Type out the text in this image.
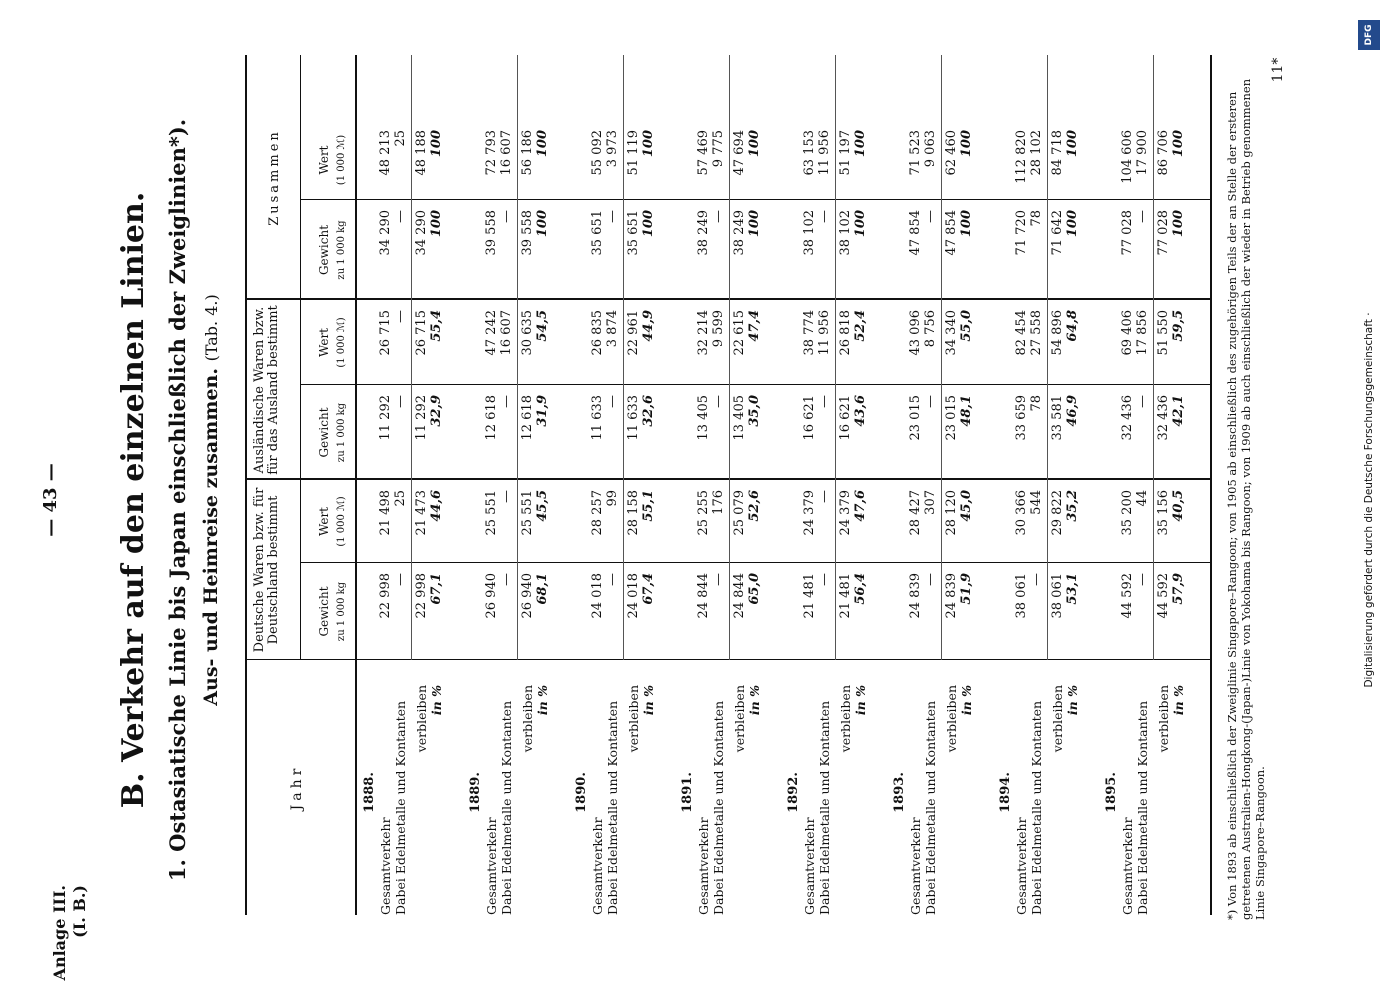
— 43 —
Anlage III. (I. B.)
B. Verkehr auf den einzelnen Linien. 1. Ostasiatische Linie bis Japan einschließlich der Zweiglinien*). Aus- und Heimreise zusammen. (Tab. 4.)
Jahr
Deutsche Waren bzw. für Deutschland bestimmt
Ausländische Waren bzw. für das Ausland bestimmt
Zusammen
Gewicht zu 1 000 kg
Wert (1 000 ℳ)
Gewicht zu 1 000 kg
Wert (1 000 ℳ)
Gewicht zu 1 000 kg
Wert (1 000 ℳ)
1888.
Gesamtverkehr Dabei Edelmetalle und Kontanten verbleiben in %
22 998
21 498
11 292
26 715
34 290
48 213
—
25
—
—
—
25
22 998
21 473
11 292
26 715
34 290
48 188
67,1
44,6
32,9
55,4
100
100
1889.
Gesamtverkehr Dabei Edelmetalle und Kontanten verbleiben in %
26 940
25 551
12 618
47 242
39 558
72 793
—
—
—
16 607
—
16 607
26 940
25 551
12 618
30 635
39 558
56 186
68,1
45,5
31,9
54,5
100
100
1890.
Gesamtverkehr Dabei Edelmetalle und Kontanten verbleiben in %
24 018
28 257
11 633
26 835
35 651
55 092
—
99
—
3 874
—
3 973
24 018
28 158
11 633
22 961
35 651
51 119
67,4
55,1
32,6
44,9
100
100
1891.
Gesamtverkehr Dabei Edelmetalle und Kontanten verbleiben in %
24 844
25 255
13 405
32 214
38 249
57 469
—
176
—
9 599
—
9 775
24 844
25 079
13 405
22 615
38 249
47 694
65,0
52,6
35,0
47,4
100
100
1892.
Gesamtverkehr Dabei Edelmetalle und Kontanten verbleiben in %
21 481
24 379
16 621
38 774
38 102
63 153
—
—
—
11 956
—
11 956
21 481
24 379
16 621
26 818
38 102
51 197
56,4
47,6
43,6
52,4
100
100
1893.
Gesamtverkehr Dabei Edelmetalle und Kontanten verbleiben in %
24 839
28 427
23 015
43 096
47 854
71 523
—
307
—
8 756
—
9 063
24 839
28 120
23 015
34 340
47 854
62 460
51,9
45,0
48,1
55,0
100
100
1894.
Gesamtverkehr Dabei Edelmetalle und Kontanten verbleiben in %
38 061
30 366
33 659
82 454
71 720
112 820
—
544
78
27 558
78
28 102
38 061
29 822
33 581
54 896
71 642
84 718
53,1
35,2
46,9
64,8
100
100
1895.
Gesamtverkehr Dabei Edelmetalle und Kontanten verbleiben in %
44 592
35 200
32 436
69 406
77 028
104 606
—
44
—
17 856
—
17 900
44 592
35 156
32 436
51 550
77 028
86 706
57,9
40,5
42,1
59,5
100
100	*) Von 1893 ab einschließlich der Zweiglinie Singapore–Rangoon; von 1905 ab einschließlich des zugehörigen Teils der an Stelle der ersteren getretenen Australien-Hongkong-(Japan-)Linie von Yokohama bis Rangoon; von 1909 ab auch einschließlich der wieder in Betrieb genommenen Linie Singapore–Rangoon.
11*
DFG
Digitalisierung gefördert durch die Deutsche Forschungsgemeinschaft ·
